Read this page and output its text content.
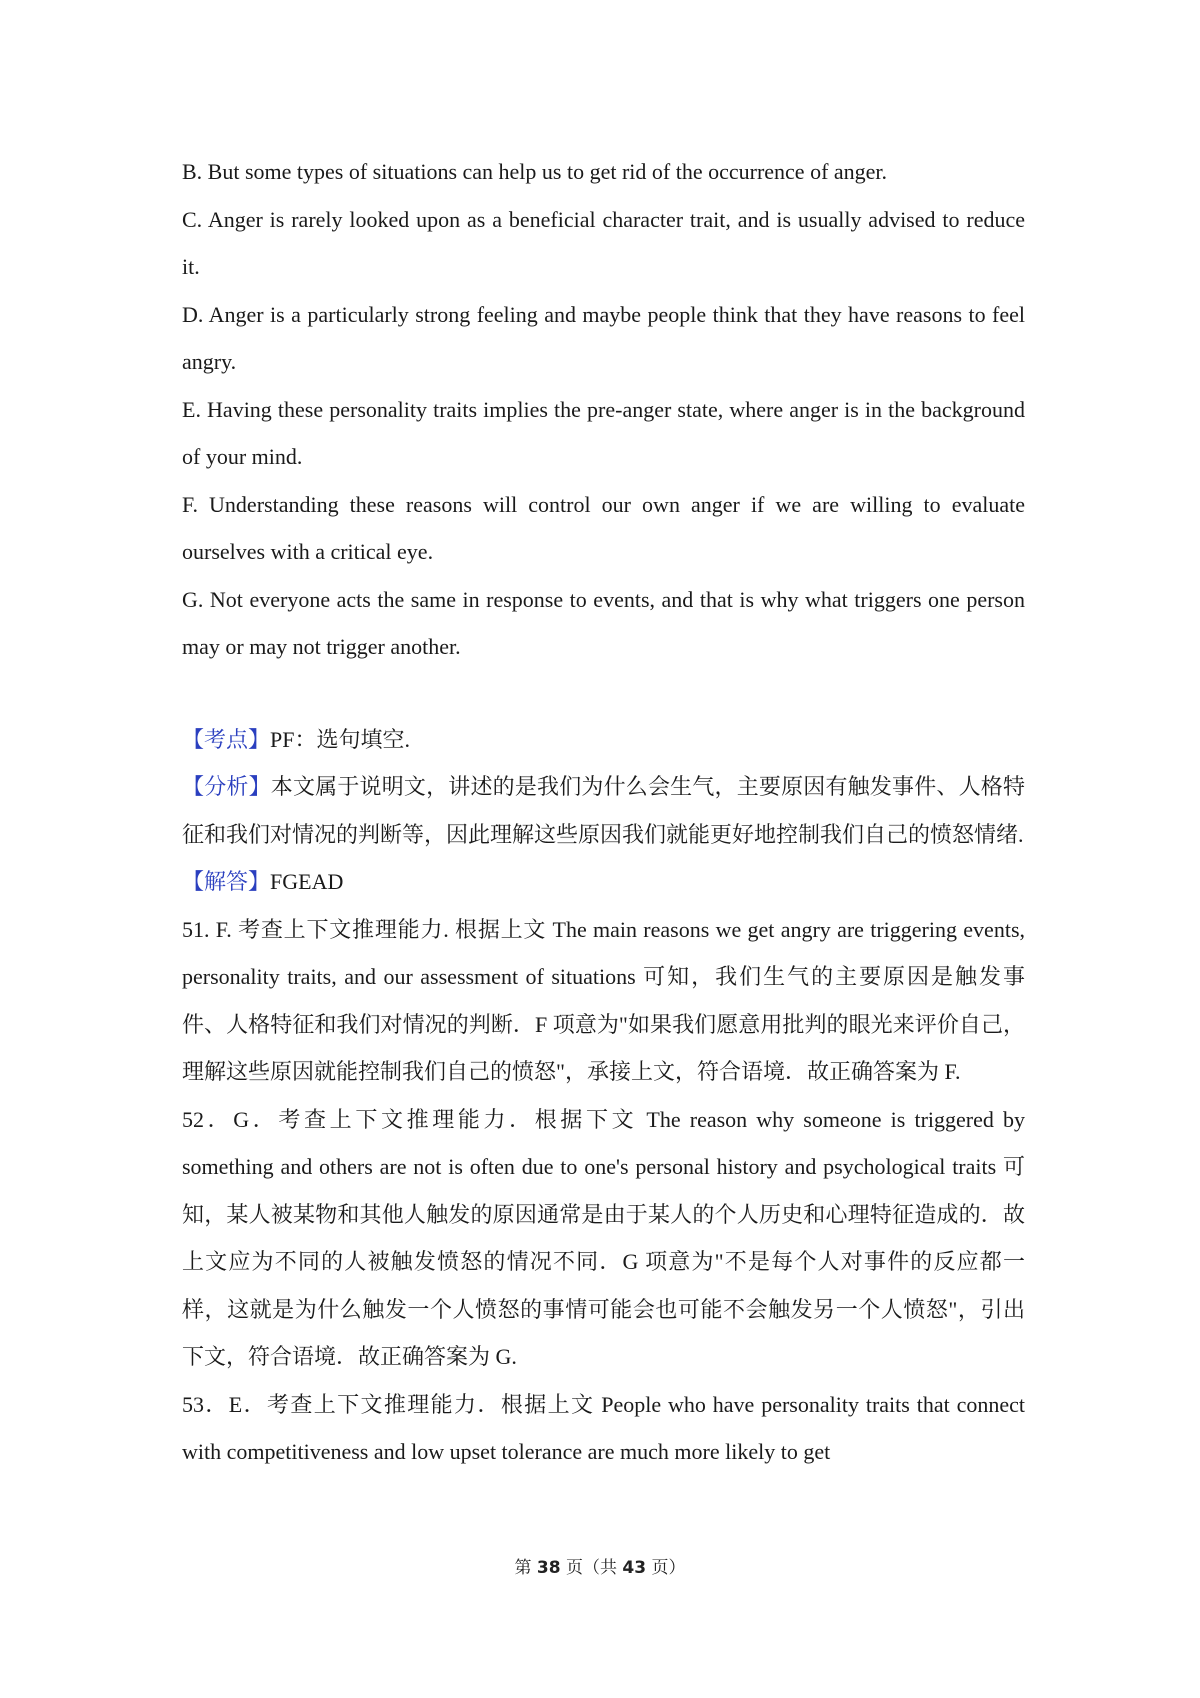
B. But some types of situations can help us to get rid of the occurrence of anger.

C. Anger is rarely looked upon as a beneficial character trait, and is usually advised to reduce it.

D. Anger is a particularly strong feeling and maybe people think that they have reasons to feel angry.

E. Having these personality traits implies the pre-anger state, where anger is in the background of your mind.

F. Understanding these reasons will control our own anger if we are willing to evaluate ourselves with a critical eye.

G. Not everyone acts the same in response to events, and that is why what triggers one person may or may not trigger another.

【考点】PF：选句填空.

【分析】本文属于说明文，讲述的是我们为什么会生气，主要原因有触发事件、人格特征和我们对情况的判断等，因此理解这些原因我们就能更好地控制我们自己的愤怒情绪.

【解答】FGEAD

51. F. 考查上下文推理能力. 根据上文 The main reasons we get angry are triggering events, personality traits, and our assessment of situations 可知，我们生气的主要原因是触发事件、人格特征和我们对情况的判断．F 项意为"如果我们愿意用批判的眼光来评价自己，理解这些原因就能控制我们自己的愤怒"，承接上文，符合语境．故正确答案为 F.

52．G．考查上下文推理能力．根据下文 The reason why someone is triggered by something and others are not is often due to one's personal history and psychological traits 可知，某人被某物和其他人触发的原因通常是由于某人的个人历史和心理特征造成的．故上文应为不同的人被触发愤怒的情况不同．G 项意为"不是每个人对事件的反应都一样，这就是为什么触发一个人愤怒的事情可能会也可能不会触发另一个人愤怒"，引出下文，符合语境．故正确答案为 G.

53．E．考查上下文推理能力．根据上文 People who have personality traits that connect with competitiveness and low upset tolerance are much more likely to get

第 38 页（共 43 页）
